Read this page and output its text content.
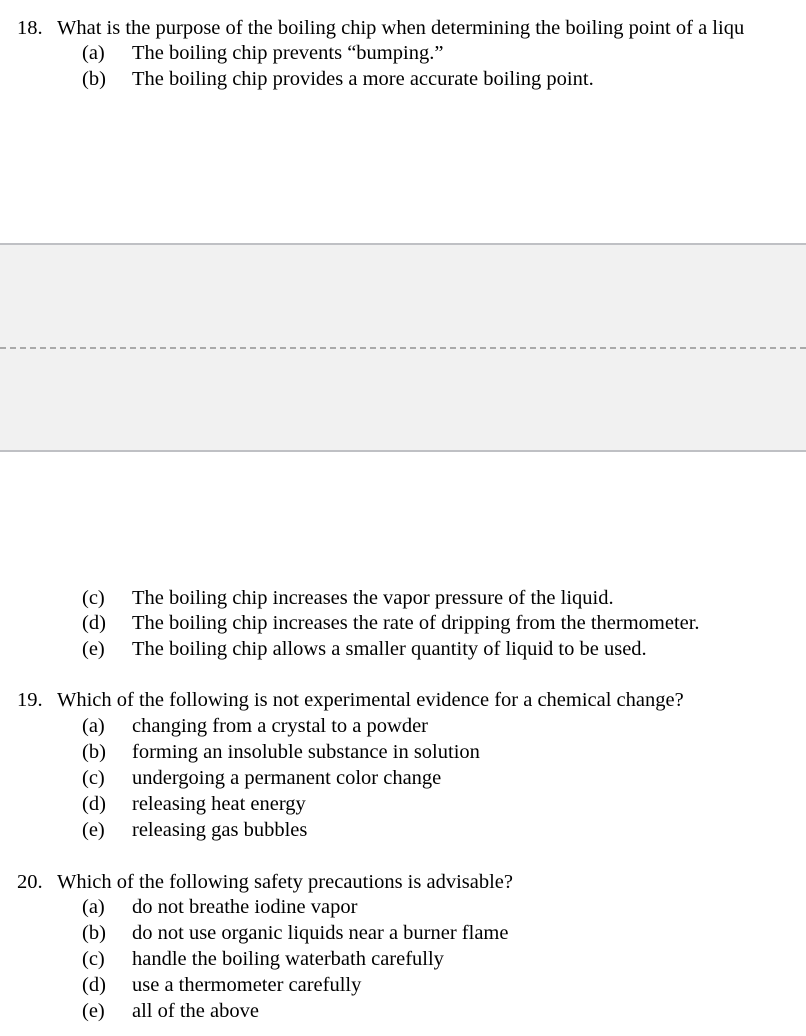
18. What is the purpose of the boiling chip when determining the boiling point of a liqu
(a) The boiling chip prevents “bumping.”
(b) The boiling chip provides a more accurate boiling point.
(c) The boiling chip increases the vapor pressure of the liquid.
(d) The boiling chip increases the rate of dripping from the thermometer.
(e) The boiling chip allows a smaller quantity of liquid to be used.
19. Which of the following is not experimental evidence for a chemical change?
(a) changing from a crystal to a powder
(b) forming an insoluble substance in solution
(c) undergoing a permanent color change
(d) releasing heat energy
(e) releasing gas bubbles
20. Which of the following safety precautions is advisable?
(a) do not breathe iodine vapor
(b) do not use organic liquids near a burner flame
(c) handle the boiling waterbath carefully
(d) use a thermometer carefully
(e) all of the above
